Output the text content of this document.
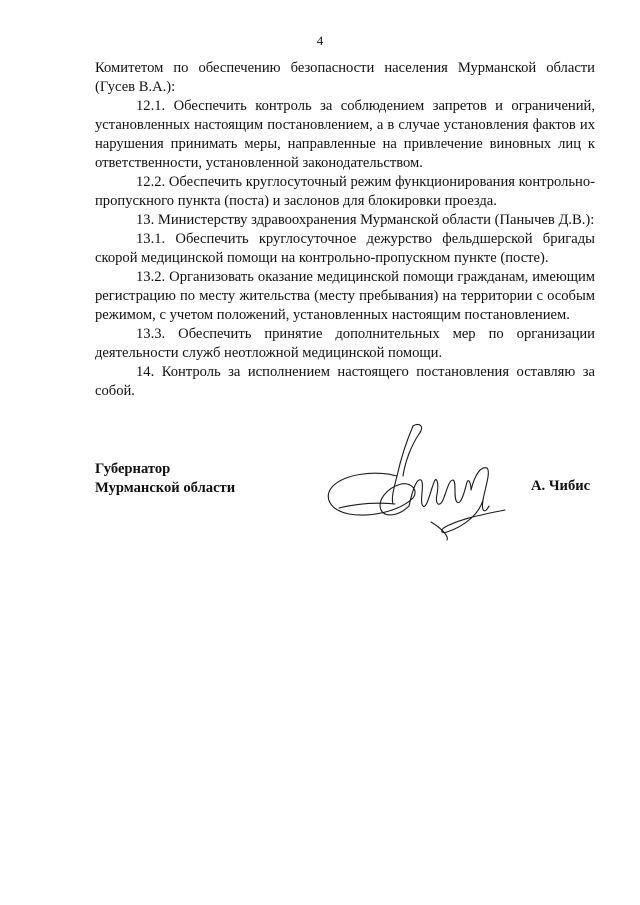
4

Комитетом по обеспечению безопасности населения Мурманской области (Гусев В.А.):

12.1. Обеспечить контроль за соблюдением запретов и ограничений, установленных настоящим постановлением, а в случае установления фактов их нарушения принимать меры, направленные на привлечение виновных лиц к ответственности, установленной законодательством.

12.2. Обеспечить круглосуточный режим функционирования контрольно-пропускного пункта (поста) и заслонов для блокировки проезда.

13. Министерству здравоохранения Мурманской области (Панычев Д.В.):

13.1. Обеспечить круглосуточное дежурство фельдшерской бригады скорой медицинской помощи на контрольно-пропускном пункте (посте).

13.2. Организовать оказание медицинской помощи гражданам, имеющим регистрацию по месту жительства (месту пребывания) на территории с особым режимом, с учетом положений, установленных настоящим постановлением.

13.3. Обеспечить принятие дополнительных мер по организации деятельности служб неотложной медицинской помощи.

14. Контроль за исполнением настоящего постановления оставляю за собой.

Губернатор
Мурманской области	А. Чибис
